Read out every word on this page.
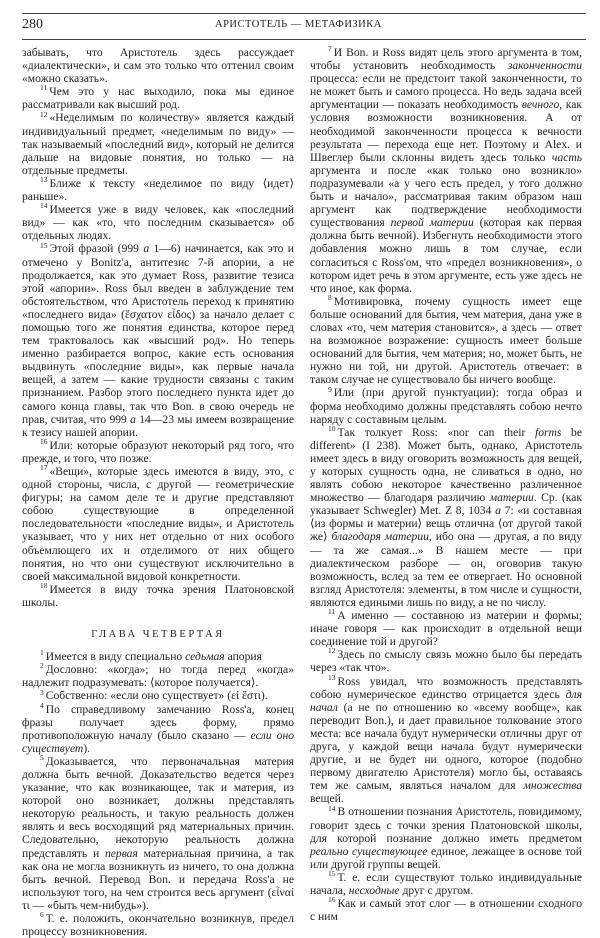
280	АРИСТОТЕЛЬ — МЕТАФИЗИКА

забывать, что Аристотель здесь рассуждает «диалектически», и сам это только что оттенил своим «можно сказать».

$^{11}$ Чем это у нас выходило, пока мы единое рассматривали как высший род.

$^{12}$ «Неделимым по количеству» является каждый индивидуальный предмет, «неделимым по виду» — так называемый «последний вид», который не делится дальше на видовые понятия, но только — на отдельные предметы.

$^{13}$ Ближе к тексту «неделимое по виду ⟨идет⟩ раньше».

$^{14}$ Имеется уже в виду человек, как «последний вид» — как «то, что последним сказывается» об отдельных людях.

$^{15}$ Этой фразой (999 a 1—6) начинается, как это и отмечено у Bonitz'a, антитезис 7-й апории, а не продолжается, как это думает Ross, развитие тезиса этой «апории». Ross был введен в заблуждение тем обстоятельством, что Аристотель переход к принятию «последнего вида» (ἔσχατον εἶδος) за начало делает с помощью того же понятия единства, которое перед тем трактовалось как «высший род». Но теперь именно разбирается вопрос, какие есть основания выдвинуть «последние виды», как первые начала вещей, а затем — какие трудности связаны с таким признанием. Разбор этого последнего пункта идет до самого конца главы, так что Bon. в свою очередь не прав, считая, что 999 a 14—23 мы имеем возвращение к тезису нашей апории.

$^{16}$ Или: которые образуют некоторый ряд того, что прежде, и того, что позже.

$^{17}$ «Вещи», которые здесь имеются в виду, это, с одной стороны, числа, с другой — геометрические фигуры; на самом деле те и другие представляют собою существующие в определенной последовательности «последние виды», и Аристотель указывает, что у них нет отдельно от них особого объемлющего их и отделимого от них общего понятия, но что они существуют исключительно в своей максимальной видовой конкретности.

$^{18}$ Имеется в виду точка зрения Платоновской школы.

ГЛАВА ЧЕТВЕРТАЯ

$^1$ Имеется в виду специально седьмая апория

$^2$ Дословно: «когда»; но тогда перед «когда» надлежит подразумевать: ⟨которое получается⟩.

$^3$ Собственно: «если оно существует» (εἰ ἔστι).

$^4$ По справедливому замечанию Ross'a, конец фразы получает здесь форму, прямо противоположную началу (было сказано — если оно существует).

$^5$ Доказывается, что первоначальная материя должна быть вечной. Доказательство ведется через указание, что как возникающее, так и материя, из которой оно возникает, должны представлять некоторую реальность, и такую реальность должен являть и весь восходящий ряд материальных причин. Следовательно, некоторую реальность должна представлять и первая материальная причина, а так как она не могла возникнуть из ничего, то она должна быть вечной. Перевод Bon. и передача Ross'a не используют того, на чем строится весь аргумент (εἶναί τι — «быть чем-нибудь»).

$^6$ Т. е. положить, окончательно возникнув, предел процессу возникновения.

$^7$ И Bon. и Ross видят цель этого аргумента в том, чтобы установить необходимость законченности процесса: если не предстоит такой законченности, то не может быть и самого процесса. Но ведь задача всей аргументации — показать необходимость вечного, как условия возможности возникновения. А от необходимой законченности процесса к вечности результата — перехода еще нет. Поэтому и Alex. и Швеглер были склонны видеть здесь только часть аргумента и после «как только оно возникло» подразумевали «а у чего есть предел, у того должно быть и начало», рассматривая таким образом наш аргумент как подтверждение необходимости существования первой материи (которая как первая должна быть вечной). Избегнуть необходимости этого добавления можно лишь в том случае, если согласиться с Ross'ом, что «предел возникновения», о котором идет речь в этом аргументе, есть уже здесь не что иное, как форма.

$^8$ Мотивировка, почему сущность имеет еще больше оснований для бытия, чем материя, дана уже в словах «то, чем материя становится», а здесь — ответ на возможное возражение: сущность имеет больше оснований для бытия, чем материя; но, может быть, не нужно ни той, ни другой. Аристотель отвечает: в таком случае не существовало бы ничего вообще.

$^9$ Или (при другой пунктуации): тогда образ и форма необходимо должны представлять собою нечто наряду с составным целым.

$^{10}$ Так толкует Ross: «nor can their forms be different» (I 238). Может быть, однако, Аристотель имеет здесь в виду оговорить возможность для вещей, у которых сущность одна, не сливаться в одно, но являть собою некоторое качественно различенное множество — благодаря различию материи. Ср. (как указывает Schwegler) Met. Z 8, 1034 a 7: «и составная ⟨из формы и материи⟩ вещь отлична ⟨от другой такой же⟩ благодаря материи, ибо она — другая, а по виду — та же самая...» В нашем месте — при диалектическом разборе — он, оговорив такую возможность, вслед за тем ее отвергает. Но основной взгляд Аристотеля: элементы, в том числе и сущности, являются едиными лишь по виду, а не по числу.

$^{11}$ А именно — составною из материи и формы; иначе говоря — как происходит в отдельной вещи соединение той и другой?

$^{12}$ Здесь по смыслу связь можно было бы передать через «так что».

$^{13}$ Ross увидал, что возможность представлять собою нумерическое единство отрицается здесь для начал (а не по отношению ко «всему вообще», как переводит Bon.), и дает правильное толкование этого места: все начала будут нумерически отличны друг от друга, у каждой вещи начала будут нумерически другие, и не будет ни одного, которое (подобно первому двигателю Аристотеля) могло бы, оставаясь тем же самым, являться началом для множества вещей.

$^{14}$ В отношении познания Аристотель, повидимому, говорит здесь с точки зрения Платоновской школы, для которой познание должно иметь предметом реально существующее единое, лежащее в основе той или другой группы вещей.

$^{15}$ Т. е. если существуют только индивидуальные начала, несходные друг с другом.

$^{16}$ Как и самый этот слог — в отношении сходного с ним
